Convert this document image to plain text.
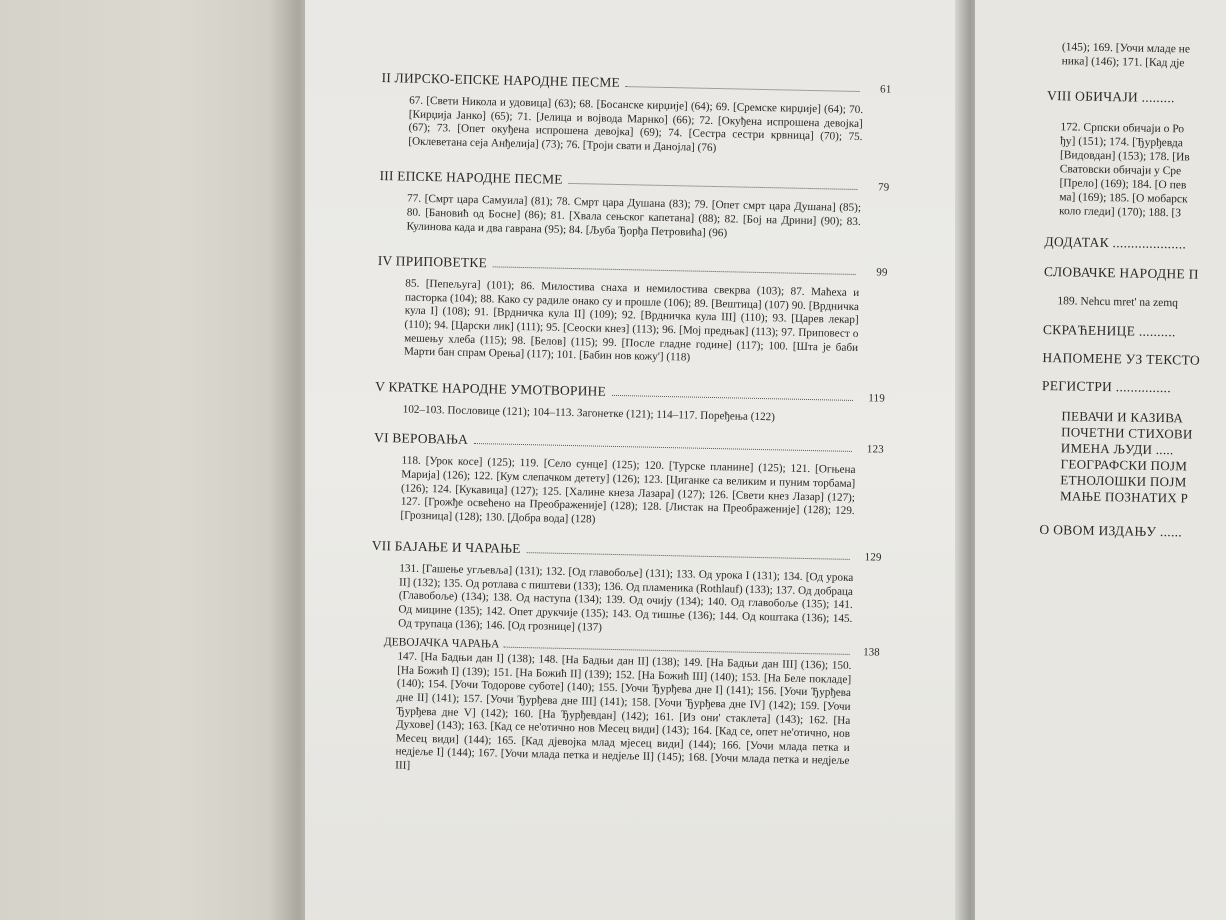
II ЛИРСКО-ЕПСКЕ НАРОДНЕ ПЕСМЕ	61
67. [Свети Никола и удовица] (63); 68. [Босанске кирџије] (64); 69. [Сремске кирџије] (64); 70. [Кирџија Јанко] (65); 71. [Јелица и војвода Марнко] (66); 72. [Окуђена испрошена девојка] (67); 73. [Опет окуђена испрошена девојка] (69); 74. [Сестра сестри крвница] (70); 75. [Оклеветана сеја Анђелија] (73); 76. [Троји свати и Даноjла] (76)
III ЕПСКЕ НАРОДНЕ ПЕСМЕ
79
77. [Смрт цара Самуила] (81); 78. Смрт цара Душана (83); 79. [Опет смрт цара Душана] (85); 80. [Бановић од Босне] (86); 81. [Хвала сењског капетана] (88); 82. [Бој на Дрини] (90); 83. Кулинова када и два гаврана (95); 84. [Љуба Ђорђа Петровића] (96)
IV ПРИПОВЕТКЕ
99
85. [Пепељуга] (101); 86. Милостива снаха и немилостива свекрва (103); 87. Маћеха и пасторка (104); 88. Како су радиле онако су и прошле (106); 89. [Вештица] (107) 90. [Врдничка кула I] (108); 91. [Врдничка кула II] (109); 92. [Врдничка кула III] (110); 93. [Царев лекар] (110); 94. [Царски лик] (111); 95. [Сеоски кнез] (113); 96. [Мој предњак] (113); 97. Приповест о мешењу хлеба (115); 98. [Белов] (115); 99. [После гладне године] (117); 100. [Шта је баби Марти бан спрам Орења] (117); 101. [Бабин нов кожу'] (118)
V КРАТКЕ НАРОДНЕ УМОТВОРИНЕ	119
102–103. Пословице (121); 104–113. Загонетке (121); 114–117. Поређења (122)
VI ВЕРОВАЊА
123
118. [Урок косе] (125); 119. [Село сунце] (125); 120. [Турске планине] (125); 121. [Огњена Марија] (126); 122. [Кум слепачком детету] (126); 123. [Циганке са великим и пуним торбама] (126); 124. [Кукавица] (127); 125. [Халине кнеза Лазара] (127); 126. [Свети кнез Лазар] (127); 127. [Грожђе освећено на Преображеније] (128); 128. [Листак на Преображеније] (128); 129. [Грозница] (128); 130. [Добра вода] (128)
VII БАЈАЊЕ И ЧАРАЊЕ
129
131. [Гашење угљевља] (131); 132. [Од главобоље] (131); 133. Од урока I (131); 134. [Од урока II] (132); 135. Од ротлава с пиштеви (133); 136. Од пламеника (Rothlauf) (133); 137. Од добраца (Главобоље) (134); 138. Од наступа (134); 139. Од очију (134); 140. Од главобоље (135); 141. Од мицине (135); 142. Опет друкчије (135); 143. Од тишње (136); 144. Од коштака (136); 145. Од трупаца (136); 146. [Од грознице] (137)
ДЕВОЈАЧКА ЧАРАЊА
138
147. [На Бадњи дан I] (138); 148. [На Бадњи дан II] (138); 149. [На Бадњи дан III] (136); 150. [На Божић I] (139); 151. [На Божић II] (139); 152. [На Божић III] (140); 153. [На Беле покладе] (140); 154. [Уочи Тодорове суботе] (140); 155. [Уочи Ђурђева дне I] (141); 156. [Уочи Ђурђева дне II] (141); 157. [Уочи Ђурђева дне III] (141); 158. [Уочи Ђурђева дне IV] (142); 159. [Уочи Ђурђева дне V] (142); 160. [На Ђурђевдан] (142); 161. [Из они' стаклета] (143); 162. [На Духове] (143); 163. [Кад се не'отично нов Месец види] (143); 164. [Кад се, опет не'отично, нов Месец види] (144); 165. [Кад дјевојка млад мјесец види] (144); 166. [Уочи млада петка и недјеље I] (144); 167. [Уочи млада петка и недјеље II] (145); 168. [Уочи млада петка и недјеље III]
(145); 169. [Уочи младе не
ника] (146); 171. [Кад дје
VIII ОБИЧАЈИ .........
172. Српски обичаји о Ро
ђу] (151); 174. [Ђурђевда
[Видовдан] (153); 178. [Ив
Сватовски обичаји у Сре
[Прело] (169); 184. [О пев
ма] (169); 185. [О мобарск
коло гледи] (170); 188. [З
ДОДАТАК ....................
СЛОВАЧКЕ НАРОДНЕ П
189. Nehcu mret' na zemq
СКРАЋЕНИЦЕ ..........
НАПОМЕНЕ УЗ ТЕКСТО
РЕГИСТРИ ...............
ПЕВАЧИ И КАЗИВА
ПОЧЕТНИ СТИХОВИ
ИМЕНА ЉУДИ .....
ГЕОГРАФСКИ ПОЈМ
ЕТНОЛОШКИ ПОЈМ
МАЊЕ ПОЗНАТИХ Р
О ОВОМ ИЗДАЊУ ......
